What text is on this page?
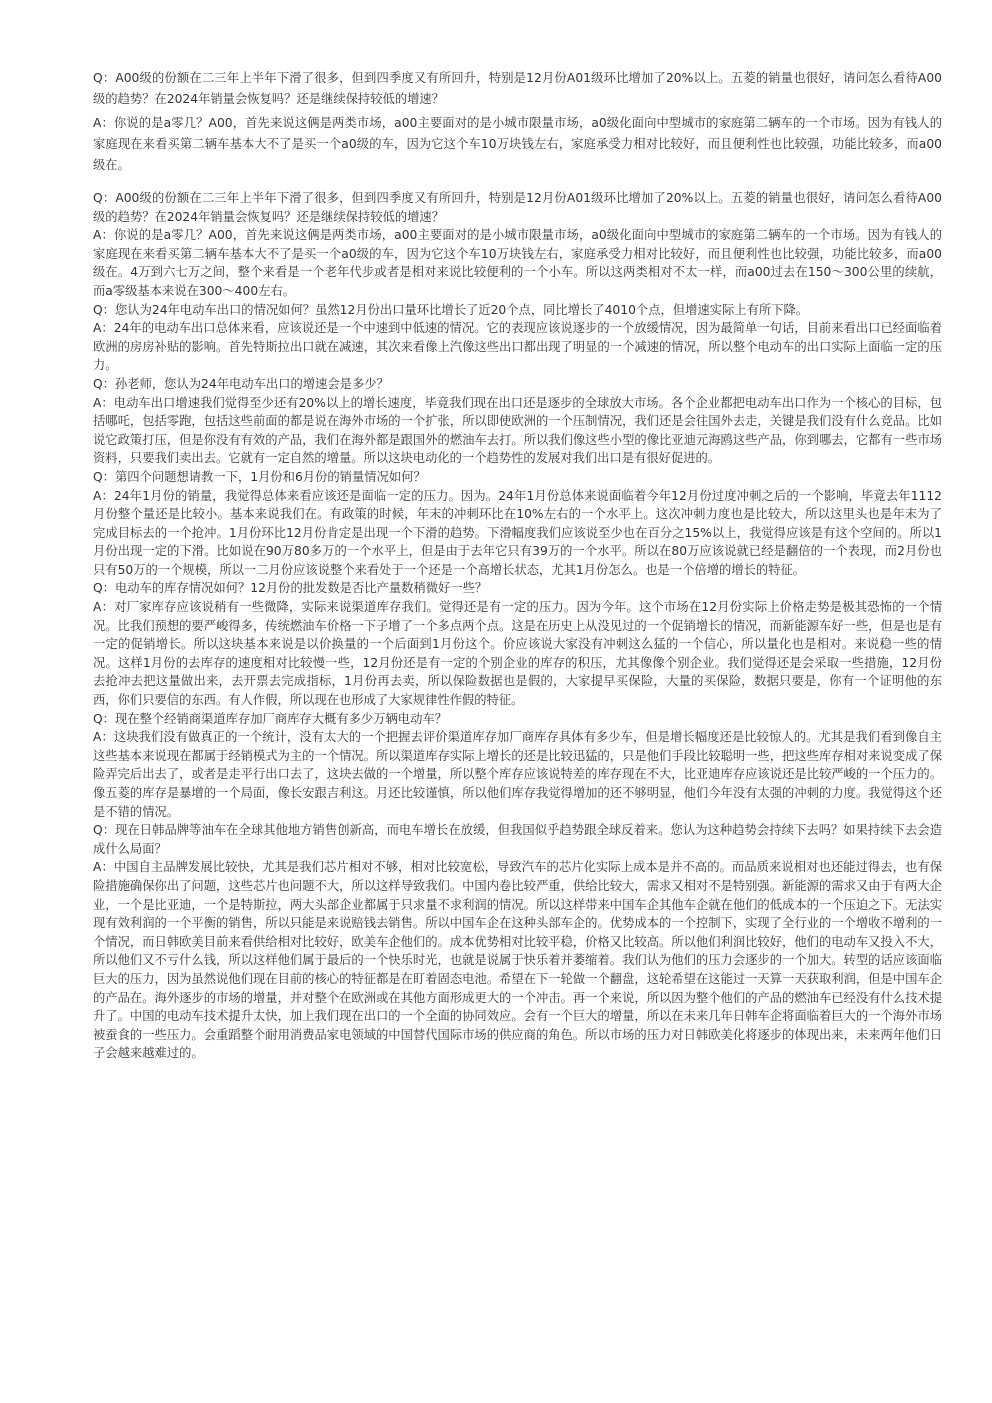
Q：A00级的份额在二三年上半年下滑了很多，但到四季度又有所回升，特别是12月份A01级环比增加了20%以上。五菱的销量也很好，请问怎么看待A00级的趋势？在2024年销量会恢复吗？还是继续保持较低的增速？

A：你说的是a零几？A00，首先来说这俩是两类市场，a00主要面对的是小城市限量市场，a0级化面向中型城市的家庭第二辆车的一个市场。因为有钱人的家庭现在来看买第二辆车基本大不了是买一个a0级的车，因为它这个车10万块钱左右，家庭承受力相对比较好，而且便利性也比较强，功能比较多，而a00级在。

Q：A00级的份额在二三年上半年下滑了很多，但到四季度又有所回升，特别是12月份A01级环比增加了20%以上。五菱的销量也很好，请问怎么看待A00级的趋势？在2024年销量会恢复吗？还是继续保持较低的增速？

A：你说的是a零几？A00，首先来说这俩是两类市场，a00主要面对的是小城市限量市场，a0级化面向中型城市的家庭第二辆车的一个市场。因为有钱人的家庭现在来看买第二辆车基本大不了是买一个a0级的车，因为它这个车10万块钱左右，家庭承受力相对比较好，而且便利性也比较强，功能比较多，而a00级在。4万到六七万之间，整个来看是一个老年代步或者是相对来说比较便利的一个小车。所以这两类相对不太一样，而a00过去在150～300公里的续航，而a零级基本来说在300～400左右。

Q：您认为24年电动车出口的情况如何？虽然12月份出口量环比增长了近20个点，同比增长了4010个点，但增速实际上有所下降。

A：24年的电动车出口总体来看，应该说还是一个中速到中低速的情况。它的表现应该说逐步的一个放缓情况，因为最简单一句话，目前来看出口已经面临着欧洲的房房补贴的影响。首先特斯拉出口就在减速，其次来看像上汽像这些出口都出现了明显的一个减速的情况，所以整个电动车的出口实际上面临一定的压力。

Q：孙老师，您认为24年电动车出口的增速会是多少？

A：电动车出口增速我们觉得至少还有20%以上的增长速度，毕竟我们现在出口还是逐步的全球放大市场。各个企业都把电动车出口作为一个核心的目标，包括哪吒，包括零跑，包括这些前面的都是说在海外市场的一个扩张，所以即使欧洲的一个压制情况，我们还是会往国外去走，关键是我们没有什么竞品。比如说它政策打压，但是你没有有效的产品，我们在海外都是跟国外的燃油车去打。所以我们像这些小型的像比亚迪元海鸥这些产品，你到哪去，它都有一些市场资料，只要我们卖出去。它就有一定自然的增量。所以这块电动化的一个趋势性的发展对我们出口是有很好促进的。

Q：第四个问题想请教一下，1月份和6月份的销量情况如何？

A：24年1月份的销量，我觉得总体来看应该还是面临一定的压力。因为。24年1月份总体来说面临着今年12月份过度冲刺之后的一个影响，毕竟去年1112月份整个量还是比较小。基本来说我们在。有政策的时候，年末的冲刺环比在10%左右的一个水平上。这次冲刺力度也是比较大，所以这里头也是年末为了完成目标去的一个抢冲。1月份环比12月份肯定是出现一个下滑的趋势。下滑幅度我们应该说至少也在百分之15%以上，我觉得应该是有这个空间的。所以1月份出现一定的下滑。比如说在90万80多万的一个水平上，但是由于去年它只有39万的一个水平。所以在80万应该说就已经是翻倍的一个表现，而2月份也只有50万的一个规模，所以一二月份应该说整个来看处于一个还是一个高增长状态，尤其1月份怎么。也是一个倍增的增长的特征。

Q：电动车的库存情况如何？12月份的批发数是否比产量数稍微好一些？

A：对厂家库存应该说稍有一些微降，实际来说渠道库存我们。觉得还是有一定的压力。因为今年。这个市场在12月份实际上价格走势是极其恐怖的一个情况。比我们预想的要严峻得多，传统燃油车价格一下子增了一个多点两个点。这是在历史上从没见过的一个促销增长的情况，而新能源车好一些，但是也是有一定的促销增长。所以这块基本来说是以价换量的一个后面到1月份这个。价应该说大家没有冲刺这么猛的一个信心，所以量化也是相对。来说稳一些的情况。这样1月份的去库存的速度相对比较慢一些，12月份还是有一定的个别企业的库存的积压，尤其像像个别企业。我们觉得还是会采取一些措施，12月份去抢冲去把这量做出来，去开票去完成指标，1月份再去卖，所以保险数据也是假的，大家提早买保险，大量的买保险，数据只要是，你有一个证明他的东西，你们只要信的东西。有人作假，所以现在也形成了大家规律性作假的特征。

Q：现在整个经销商渠道库存加厂商库存大概有多少万辆电动车？

A：这块我们没有做真正的一个统计，没有太大的一个把握去评价渠道库存加厂商库存具体有多少车，但是增长幅度还是比较惊人的。尤其是我们看到像自主这些基本来说现在都属于经销模式为主的一个情况。所以渠道库存实际上增长的还是比较迅猛的，只是他们手段比较聪明一些，把这些库存相对来说变成了保险弄完后出去了，或者是走平行出口去了，这块去做的一个增量，所以整个库存应该说特差的库存现在不大，比亚迪库存应该说还是比较严峻的一个压力的。像五菱的库存是暴增的一个局面，像长安跟吉利这。月还比较谨慎，所以他们库存我觉得增加的还不够明显，他们今年没有太强的冲刺的力度。我觉得这个还是不错的情况。

Q：现在日韩品牌等油车在全球其他地方销售创新高，而电车增长在放缓，但我国似乎趋势跟全球反着来。您认为这种趋势会持续下去吗？如果持续下去会造成什么局面？

A：中国自主品牌发展比较快，尤其是我们芯片相对不够，相对比较宽松，导致汽车的芯片化实际上成本是并不高的。而品质来说相对也还能过得去，也有保险措施确保你出了问题，这些芯片也问题不大，所以这样导致我们。中国内卷比较严重，供给比较大，需求又相对不是特别强。新能源的需求又由于有两大企业，一个是比亚迪，一个是特斯拉，两大头部企业都属于只求量不求利润的情况。所以这样带来中国车企其他车企就在他们的低成本的一个压迫之下。无法实现有效利润的一个平衡的销售，所以只能是来说赔钱去销售。所以中国车企在这种头部车企的。优势成本的一个控制下，实现了全行业的一个增收不增利的一个情况，而日韩欧美目前来看供给相对比较好，欧美车企他们的。成本优势相对比较平稳，价格又比较高。所以他们利润比较好，他们的电动车又投入不大，所以他们又不亏什么钱，所以这样他们属于最后的一个快乐时光，也就是说属于快乐着并萎缩着。我们认为他们的压力会逐步的一个加大。转型的话应该面临巨大的压力，因为虽然说他们现在目前的核心的特征都是在盯着固态电池。希望在下一轮做一个翻盘，这轮希望在这能过一天算一天获取利润，但是中国车企的产品在。海外逐步的市场的增量，并对整个在欧洲或在其他方面形成更大的一个冲击。再一个来说，所以因为整个他们的产品的燃油车已经没有什么技术提升了。中国的电动车技术提升太快，加上我们现在出口的一个全面的协同效应。会有一个巨大的增量，所以在未来几年日韩车企将面临着巨大的一个海外市场被蚕食的一些压力。会重蹈整个耐用消费品家电领域的中国替代国际市场的供应商的角色。所以市场的压力对日韩欧美化将逐步的体现出来，未来两年他们日子会越来越难过的。
